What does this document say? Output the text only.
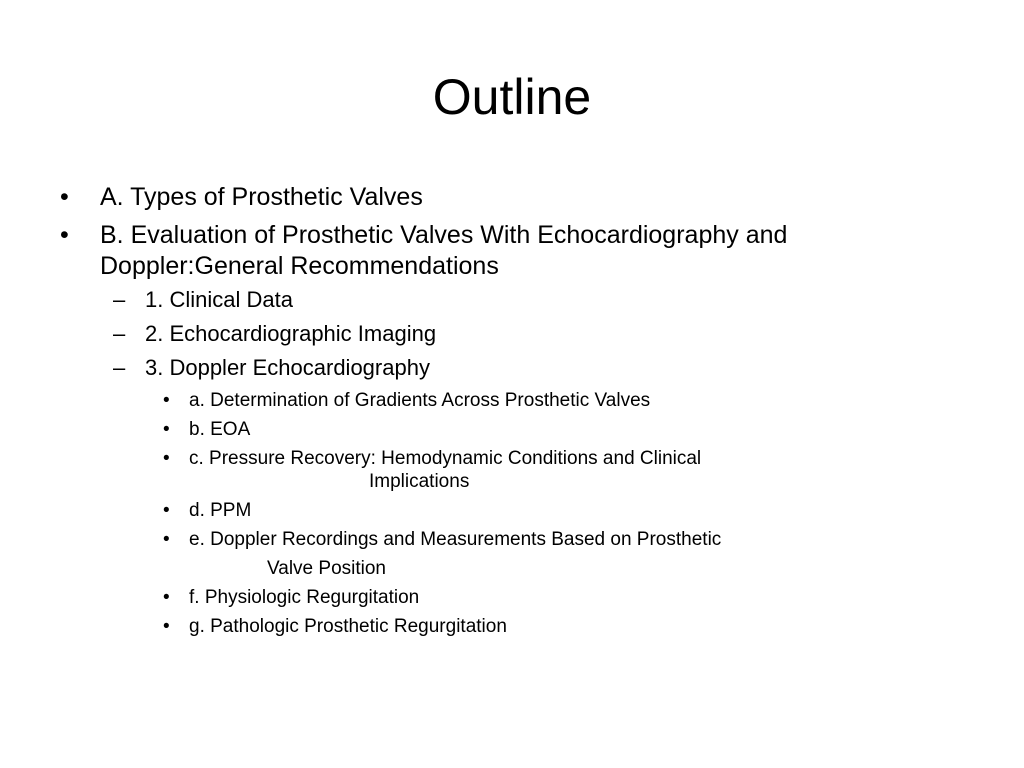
Outline
• A. Types of Prosthetic Valves
• B. Evaluation of Prosthetic Valves With Echocardiography and
Doppler:General Recommendations
– 1. Clinical Data
– 2. Echocardiographic Imaging
– 3. Doppler Echocardiography
• a. Determination of Gradients Across Prosthetic Valves
• b. EOA
• c. Pressure Recovery: Hemodynamic Conditions and Clinical
Implications
• d. PPM
• e. Doppler Recordings and Measurements Based on Prosthetic
Valve Position
• f. Physiologic Regurgitation
• g. Pathologic Prosthetic Regurgitation
